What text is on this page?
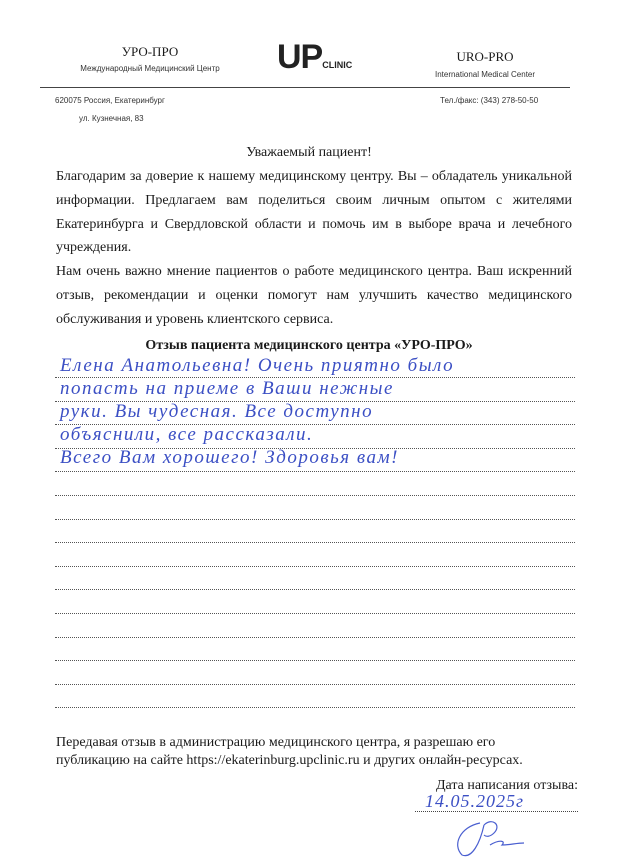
УРО-ПРО
Международный Медицинский Центр	UPCLINIC
URO-PRO
International Medical Center
620075 Россия, Екатеринбург
ул. Кузнечная, 83
Тел./факс: (343) 278-50-50
Уважаемый пациент!

Благодарим за доверие к нашему медицинскому центру. Вы – обладатель уникальной информации. Предлагаем вам поделиться своим личным опытом с жителями Екатеринбурга и Свердловской области и помочь им в выборе врача и лечебного учреждения.

Нам очень важно мнение пациентов о работе медицинского центра. Ваш искренний отзыв, рекомендации и оценки помогут нам улучшить качество медицинского обслуживания и уровень клиентского сервиса.

Отзыв пациента медицинского центра «УРО-ПРО»
Елена Анатольевна! Очень приятно было
попасть на приеме в Ваши нежные
руки. Вы чудесная. Все доступно
объяснили, все рассказали.
Всего Вам хорошего! Здоровья вам!
Передавая отзыв в администрацию медицинского центра, я разрешаю его публикацию на сайте https://ekaterinburg.upclinic.ru и других онлайн-ресурсах.
Дата написания отзыва:
14.05.2025г
